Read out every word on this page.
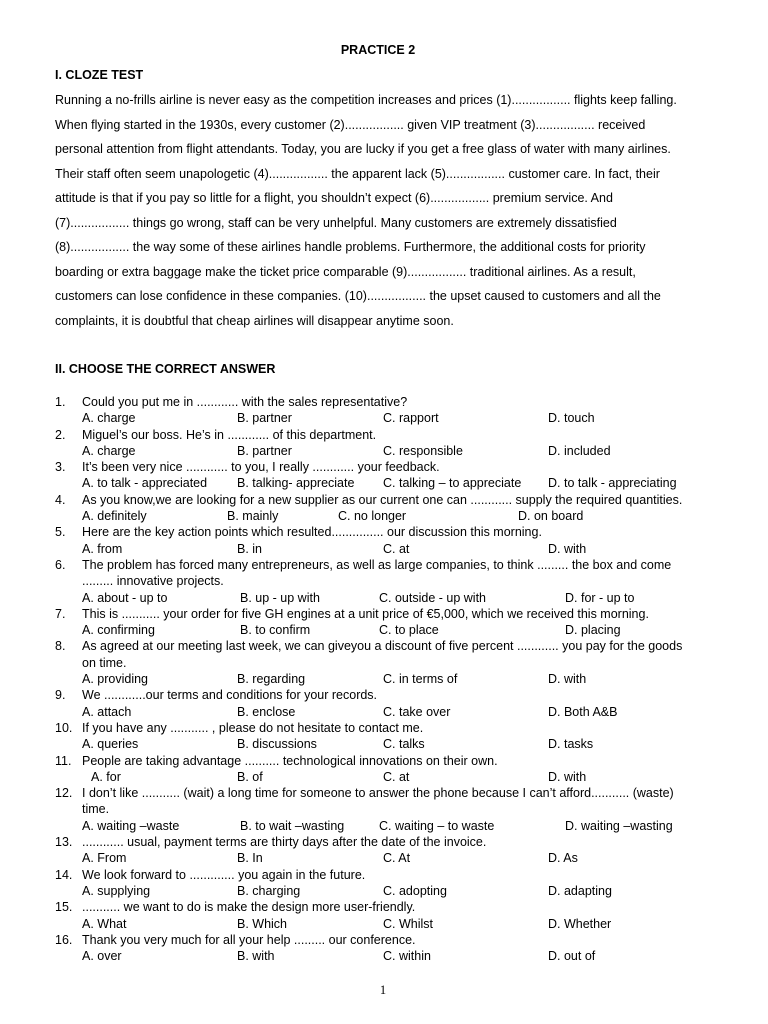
PRACTICE 2
I. CLOZE TEST
Running a no-frills airline is never easy as the competition increases and prices (1)................. flights keep falling.
When flying started in the 1930s, every customer (2)................. given VIP treatment (3)................. received
personal attention from flight attendants. Today, you are lucky if you get a free glass of water with many airlines.
Their staff often seem unapologetic (4)................. the apparent lack (5)................. customer care. In fact, their
attitude is that if you pay so little for a flight, you shouldn’t expect (6)................. premium service. And
(7)................. things go wrong, staff can be very unhelpful. Many customers are extremely dissatisfied
(8)................. the way some of these airlines handle problems. Furthermore, the additional costs for priority
boarding or extra baggage make the ticket price comparable (9)................. traditional airlines. As a result,
customers can lose confidence in these companies. (10)................. the upset caused to customers and all the
complaints, it is doubtful that cheap airlines will disappear anytime soon.
II. CHOOSE THE CORRECT ANSWER
1. Could you put me in ............ with the sales representative?
A. charge	B. partner	C. rapport	D. touch
2. Miguel’s our boss. He’s in ............ of this department.
A. charge	B. partner	C. responsible	D. included
3. It’s been very nice ............ to you, I really ............ your feedback.
A. to talk - appreciated B. talking- appreciate C. talking – to appreciate D. to talk - appreciating
4. As you know,we are looking for a new supplier as our current one can ............ supply the required quantities.
A. definitely	B. mainly	C. no longer	D. on board
5. Here are the key action points which resulted............... our discussion this morning.
A. from	B. in	C. at	D. with
6. The problem has forced many entrepreneurs, as well as large companies, to think ......... the box and come
......... innovative projects.
A. about - up to	B. up - up with	C. outside - up with	D. for - up to
7. This is ........... your order for five GH engines at a unit price of €5,000, which we received this morning.
A. confirming	B. to confirm	C. to place	D. placing
8. As agreed at our meeting last week, we can giveyou a discount of five percent ............ you pay for the goods
on time.
A. providing	B. regarding	C. in terms of	D. with
9. We ............our terms and conditions for your records.
A. attach	B. enclose	C. take over	D. Both A&B
10. If you have any ........... , please do not hesitate to contact me.
A. queries	B. discussions	C. talks	D. tasks
11. People are taking advantage .......... technological innovations on their own.
A. for	B. of	C. at	D. with
12. I don’t like ........... (wait) a long time for someone to answer the phone because I can’t afford........... (waste)
time.
A. waiting –waste	B. to wait –wasting	C. waiting – to waste	D. waiting –wasting
13. ............ usual, payment terms are thirty days after the date of the invoice.
A. From	B. In	C. At	D. As
14. We look forward to ............. you again in the future.
A. supplying	B. charging	C. adopting	D. adapting
15. ........... we want to do is make the design more user-friendly.
A. What	B. Which	C. Whilst	D. Whether
16. Thank you very much for all your help ......... our conference.
A. over	B. with	C. within	D. out of
1
